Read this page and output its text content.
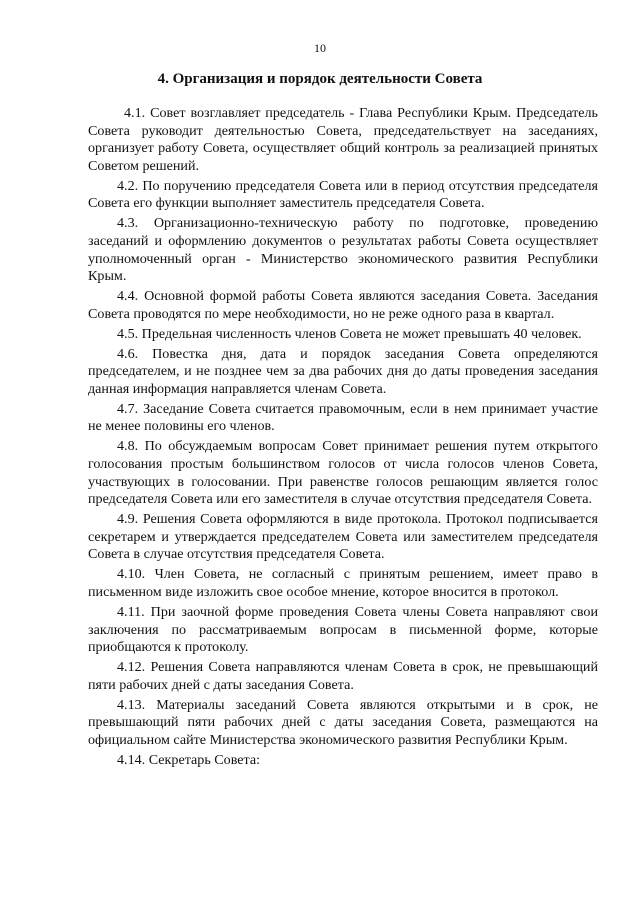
10
4. Организация и порядок деятельности Совета

4.1. Совет возглавляет председатель - Глава Республики Крым. Председатель Совета руководит деятельностью Совета, председательствует на заседаниях, организует работу Совета, осуществляет общий контроль за реализацией принятых Советом решений.

4.2. По поручению председателя Совета или в период отсутствия председателя Совета его функции выполняет заместитель председателя Совета.

4.3. Организационно-техническую работу по подготовке, проведению заседаний и оформлению документов о результатах работы Совета осуществляет уполномоченный орган - Министерство экономического развития Республики Крым.

4.4. Основной формой работы Совета являются заседания Совета. Заседания Совета проводятся по мере необходимости, но не реже одного раза в квартал.

4.5. Предельная численность членов Совета не может превышать 40 человек.

4.6. Повестка дня, дата и порядок заседания Совета определяются председателем, и не позднее чем за два рабочих дня до даты проведения заседания данная информация направляется членам Совета.

4.7. Заседание Совета считается правомочным, если в нем принимает участие не менее половины его членов.

4.8. По обсуждаемым вопросам Совет принимает решения путем открытого голосования простым большинством голосов от числа голосов членов Совета, участвующих в голосовании. При равенстве голосов решающим является голос председателя Совета или его заместителя в случае отсутствия председателя Совета.

4.9. Решения Совета оформляются в виде протокола. Протокол подписывается секретарем и утверждается председателем Совета или заместителем председателя Совета в случае отсутствия председателя Совета.

4.10. Член Совета, не согласный с принятым решением, имеет право в письменном виде изложить свое особое мнение, которое вносится в протокол.

4.11. При заочной форме проведения Совета члены Совета направляют свои заключения по рассматриваемым вопросам в письменной форме, которые приобщаются к протоколу.

4.12. Решения Совета направляются членам Совета в срок, не превышающий пяти рабочих дней с даты заседания Совета.

4.13. Материалы заседаний Совета являются открытыми и в срок, не превышающий пяти рабочих дней с даты заседания Совета, размещаются на официальном сайте Министерства экономического развития Республики Крым.

4.14. Секретарь Совета:
